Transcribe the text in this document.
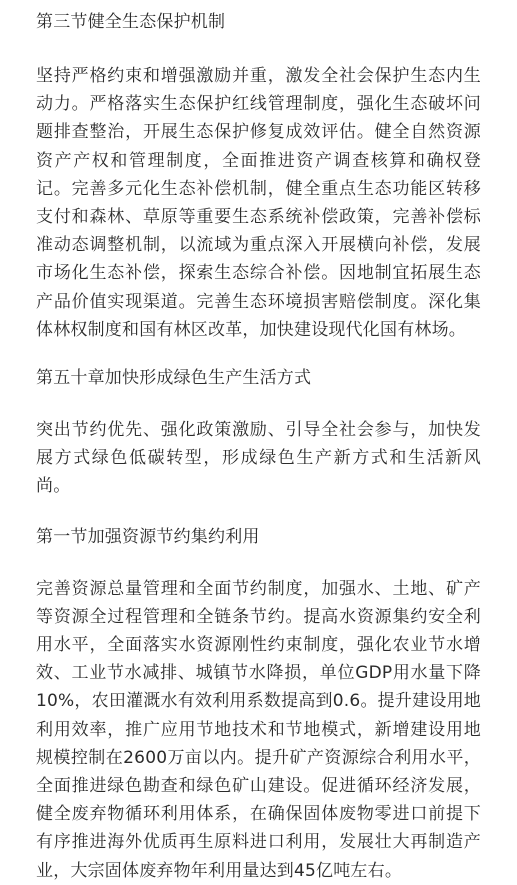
第三节健全生态保护机制

坚持严格约束和增强激励并重，激发全社会保护生态内生动力。严格落实生态保护红线管理制度，强化生态破坏问题排查整治，开展生态保护修复成效评估。健全自然资源资产产权和管理制度，全面推进资产调查核算和确权登记。完善多元化生态补偿机制，健全重点生态功能区转移支付和森林、草原等重要生态系统补偿政策，完善补偿标准动态调整机制，以流域为重点深入开展横向补偿，发展市场化生态补偿，探索生态综合补偿。因地制宜拓展生态产品价值实现渠道。完善生态环境损害赔偿制度。深化集体林权制度和国有林区改革，加快建设现代化国有林场。

第五十章加快形成绿色生产生活方式

突出节约优先、强化政策激励、引导全社会参与，加快发展方式绿色低碳转型，形成绿色生产新方式和生活新风尚。

第一节加强资源节约集约利用

完善资源总量管理和全面节约制度，加强水、土地、矿产等资源全过程管理和全链条节约。提高水资源集约安全利用水平，全面落实水资源刚性约束制度，强化农业节水增效、工业节水减排、城镇节水降损，单位GDP用水量下降10%，农田灌溉水有效利用系数提高到0.6。提升建设用地利用效率，推广应用节地技术和节地模式，新增建设用地规模控制在2600万亩以内。提升矿产资源综合利用水平，全面推进绿色勘查和绿色矿山建设。促进循环经济发展，健全废弃物循环利用体系，在确保固体废物零进口前提下有序推进海外优质再生原料进口利用，发展壮大再制造产业，大宗固体废弃物年利用量达到45亿吨左右。
